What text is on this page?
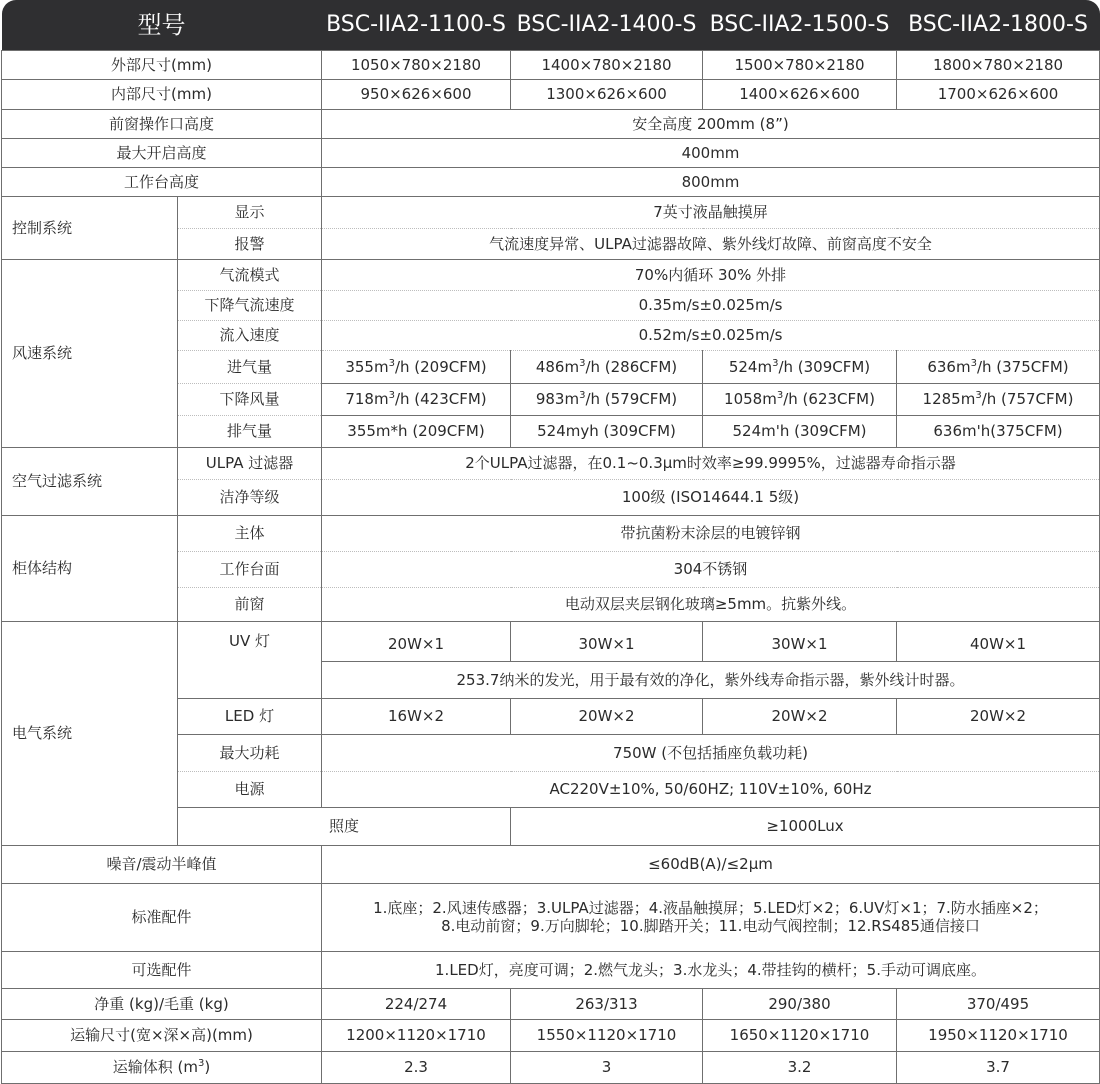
型号		BSC-IIA2-1100-S	BSC-IIA2-1400-S	BSC-IIA2-1500-S	BSC-IIA2-1800-S
外部尺寸(mm)		1050×780×2180	1400×780×2180	1500×780×2180	1800×780×2180
内部尺寸(mm)		950×626×600	1300×626×600	1400×626×600	1700×626×600
前窗操作口高度		安全高度 200mm (8”)			
最大开启高度		400mm			
工作台高度		800mm			
控制系统	显示	7英寸液晶触摸屏			
	报警	气流速度异常、ULPA过滤器故障、紫外线灯故障、前窗高度不安全			
风速系统	气流模式	70%内循环 30% 外排			
	下降气流速度	0.35m/s±0.025m/s			
	流入速度	0.52m/s±0.025m/s			
	进气量	$355m^3/h$ (209CFM)	$486m^3/h$ (286CFM)	$524m^3/h$ (309CFM)	$636m^3/h$ (375CFM)
	下降风量	$718m^3/h$ (423CFM)	$983m^3/h$ (579CFM)	$1058m^3/h$ (623CFM)	$1285m^3/h$ (757CFM)
	排气量	355m*h (209CFM)	524myh (309CFM)	524m'h (309CFM)	636m'h(375CFM)
空气过滤系统	ULPA 过滤器	2个ULPA过滤器，在0.1~0.3μm时效率≥99.9995%，过滤器寿命指示器			
	洁净等级	100级 (ISO14644.1 5级)			
柜体结构	主体	带抗菌粉末涂层的电镀锌钢			
	工作台面	304不锈钢			
	前窗	电动双层夹层钢化玻璃≥5mm。抗紫外线。			
电气系统	UV 灯	20W×1	30W×1	30W×1	40W×1
		253.7纳米的发光，用于最有效的净化，紫外线寿命指示器，紫外线计时器。			
	LED 灯	16W×2	20W×2	20W×2	20W×2
	最大功耗	750W (不包括插座负载功耗)			
	电源	AC220V±10%, 50/60HZ; 110V±10%, 60Hz			
	照度		≥1000Lux		
噪音/震动半峰值		≤60dB(A)/≤2μm			
标准配件		1.底座；2.风速传感器；3.ULPA过滤器；4.液晶触摸屏；5.LED灯×2；6.UV灯×1；7.防水插座×2；
8.电动前窗；9.万向脚轮；10.脚踏开关；11.电动气阀控制；12.RS485通信接口			

可选配件		1.LED灯，亮度可调；2.燃气龙头；3.水龙头；4.带挂钩的横杆；5.手动可调底座。			
净重 (kg)/毛重 (kg)		224/274	263/313	290/380	370/495
运输尺寸(宽×深×高)(mm)		1200×1120×1710	1550×1120×1710	1650×1120×1710	1950×1120×1710
运输体积 $(m^3)$		2.3	3	3.2	3.7
